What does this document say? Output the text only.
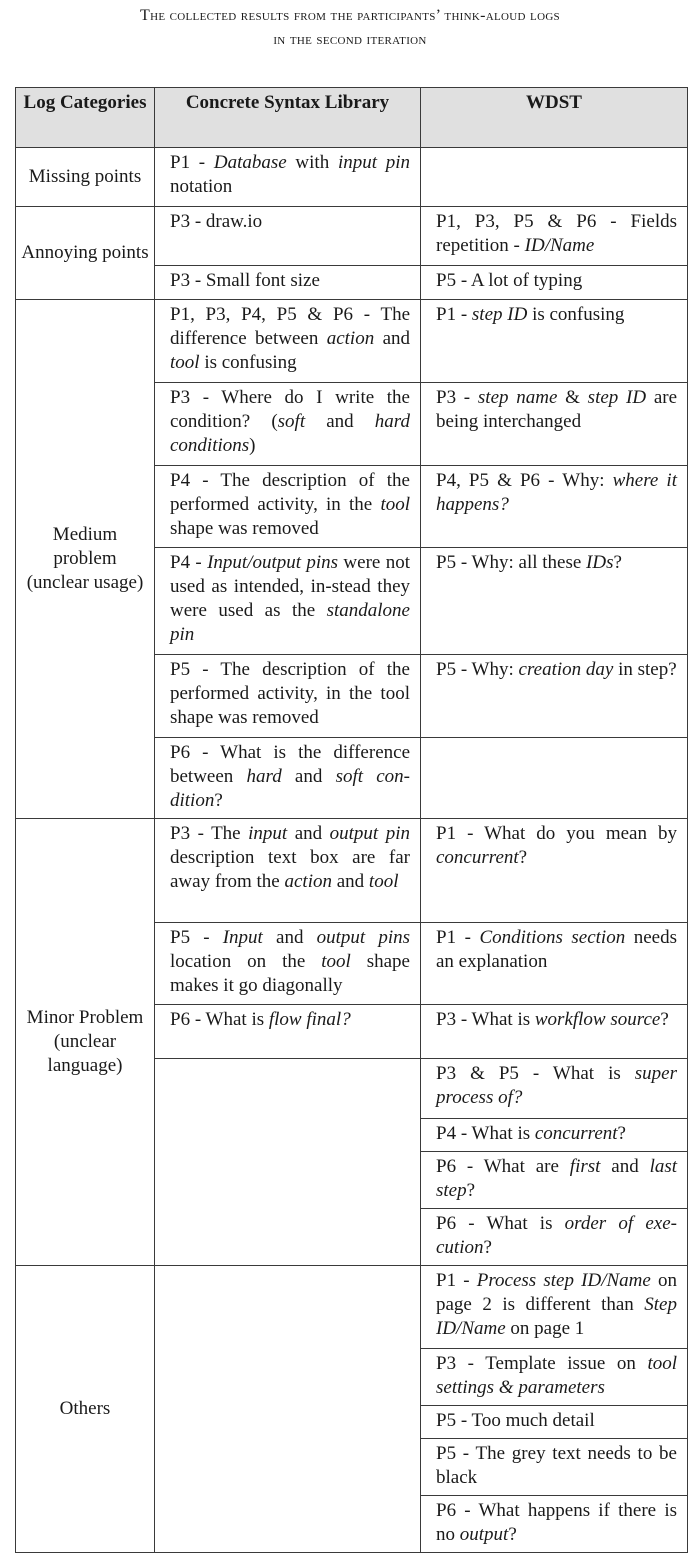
The collected results from the participants’ think-aloud logs
in the second iteration
Log Categories	Concrete Syntax Library	WDST
Missing points	P1 - Database with input pin notation	
Annoying points	P3 - draw.io	P1, P3, P5 & P6 - Fields repetition - ID/Name
	P3 - Small font size	P5 - A lot of typing
Medium problem (unclear usage)	P1, P3, P4, P5 & P6 - The difference between action and tool is confusing	P1 - step ID is confusing
	P3 - Where do I write the condition? (soft and hard conditions)	P3 - step name & step ID are being interchanged
	P4 - The description of the performed activity, in the tool shape was removed	P4, P5 & P6 - Why: where it happens?
	P4 - Input/output pins were not used as intended, in-stead they were used as the standalone pin	P5 - Why: all these IDs?
	P5 - The description of the performed activity, in the tool shape was removed	P5 - Why: creation day in step?
	P6 - What is the difference between hard and soft con-dition?	
Minor Problem (unclear language)	P3 - The input and output pin description text box are far away from the action and tool	P1 - What do you mean by concurrent?
	P5 - Input and output pins location on the tool shape makes it go diagonally	P1 - Conditions section needs an explanation
	P6 - What is flow final?	P3 - What is workflow source?
		P3 & P5 - What is super process of?
		P4 - What is concurrent?
		P6 - What are first and last step?
		P6 - What is order of exe-cution?
Others		P1 - Process step ID/Name on page 2 is different than Step ID/Name on page 1
		P3 - Template issue on tool settings & parameters
		P5 - Too much detail
		P5 - The grey text needs to be black
		P6 - What happens if there is no output?
